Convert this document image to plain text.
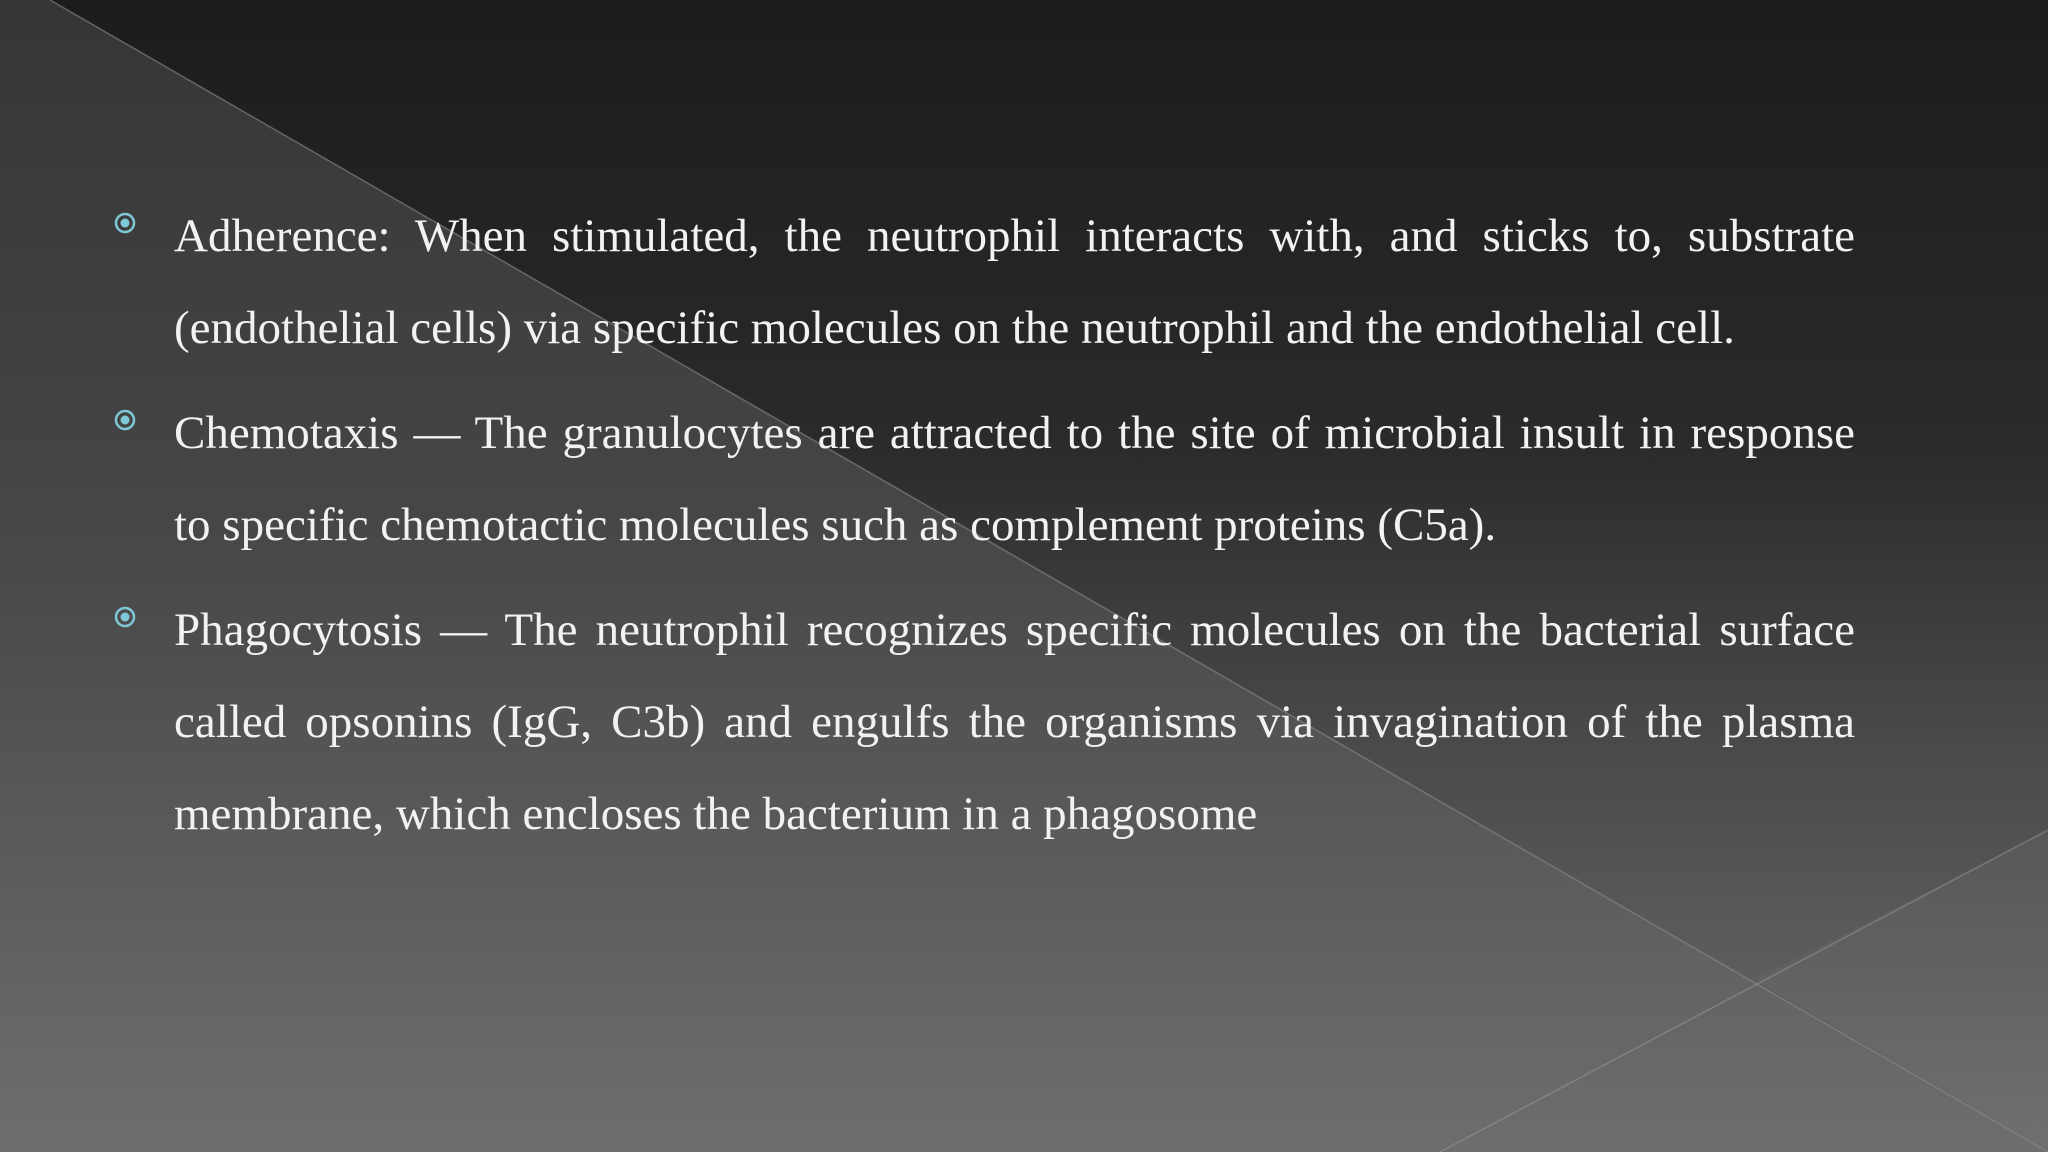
Adherence: When stimulated, the neutrophil interacts with, and sticks to, substrate (endothelial cells) via specific molecules on the neutrophil and the endothelial cell.

Chemotaxis — The granulocytes are attracted to the site of microbial insult in response to specific chemotactic molecules such as complement proteins (C5a).

Phagocytosis — The neutrophil recognizes specific molecules on the bacterial surface called opsonins (IgG, C3b) and engulfs the organisms via invagination of the plasma membrane, which encloses the bacterium in a phagosome
